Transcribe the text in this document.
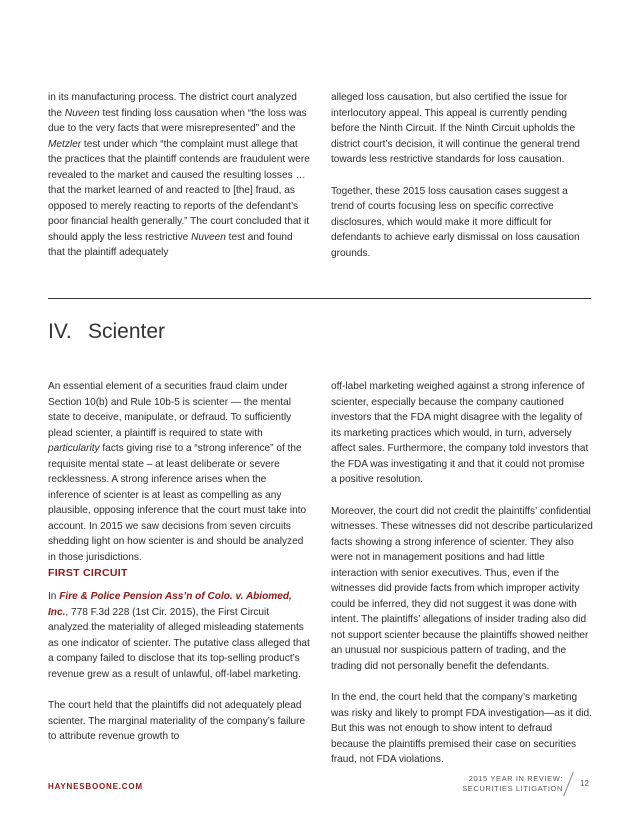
in its manufacturing process. The district court analyzed the Nuveen test finding loss causation when “the loss was due to the very facts that were misrepresented” and the Metzler test under which “the complaint must allege that the practices that the plaintiff contends are fraudulent were revealed to the market and caused the resulting losses … that the market learned of and reacted to [the] fraud, as opposed to merely reacting to reports of the defendant’s poor financial health generally.” The court concluded that it should apply the less restrictive Nuveen test and found that the plaintiff adequately

alleged loss causation, but also certified the issue for interlocutory appeal. This appeal is currently pending before the Ninth Circuit. If the Ninth Circuit upholds the district court’s decision, it will continue the general trend towards less restrictive standards for loss causation.

Together, these 2015 loss causation cases suggest a trend of courts focusing less on specific corrective disclosures, which would make it more difficult for defendants to achieve early dismissal on loss causation grounds.

IV. Scienter

An essential element of a securities fraud claim under Section 10(b) and Rule 10b-5 is scienter — the mental state to deceive, manipulate, or defraud. To sufficiently plead scienter, a plaintiff is required to state with particularity facts giving rise to a “strong inference” of the requisite mental state – at least deliberate or severe recklessness. A strong inference arises when the inference of scienter is at least as compelling as any plausible, opposing inference that the court must take into account. In 2015 we saw decisions from seven circuits shedding light on how scienter is and should be analyzed in those jurisdictions.

FIRST CIRCUIT

In Fire & Police Pension Ass’n of Colo. v. Abiomed, Inc., 778 F.3d 228 (1st Cir. 2015), the First Circuit analyzed the materiality of alleged misleading statements as one indicator of scienter. The putative class alleged that a company failed to disclose that its top-selling product’s revenue grew as a result of unlawful, off-label marketing.

The court held that the plaintiffs did not adequately plead scienter. The marginal materiality of the company’s failure to attribute revenue growth to

off-label marketing weighed against a strong inference of scienter, especially because the company cautioned investors that the FDA might disagree with the legality of its marketing practices which would, in turn, adversely affect sales. Furthermore, the company told investors that the FDA was investigating it and that it could not promise a positive resolution.

Moreover, the court did not credit the plaintiffs’ confidential witnesses. These witnesses did not describe particularized facts showing a strong inference of scienter. They also were not in management positions and had little interaction with senior executives. Thus, even if the witnesses did provide facts from which improper activity could be inferred, they did not suggest it was done with intent. The plaintiffs’ allegations of insider trading also did not support scienter because the plaintiffs showed neither an unusual nor suspicious pattern of trading, and the trading did not personally benefit the defendants.

In the end, the court held that the company’s marketing was risky and likely to prompt FDA investigation—as it did. But this was not enough to show intent to defraud because the plaintiffs premised their case on securities fraud, not FDA violations.

HAYNESBOONE.COM
2015 YEAR IN REVIEW:
SECURITIES LITIGATION
12
